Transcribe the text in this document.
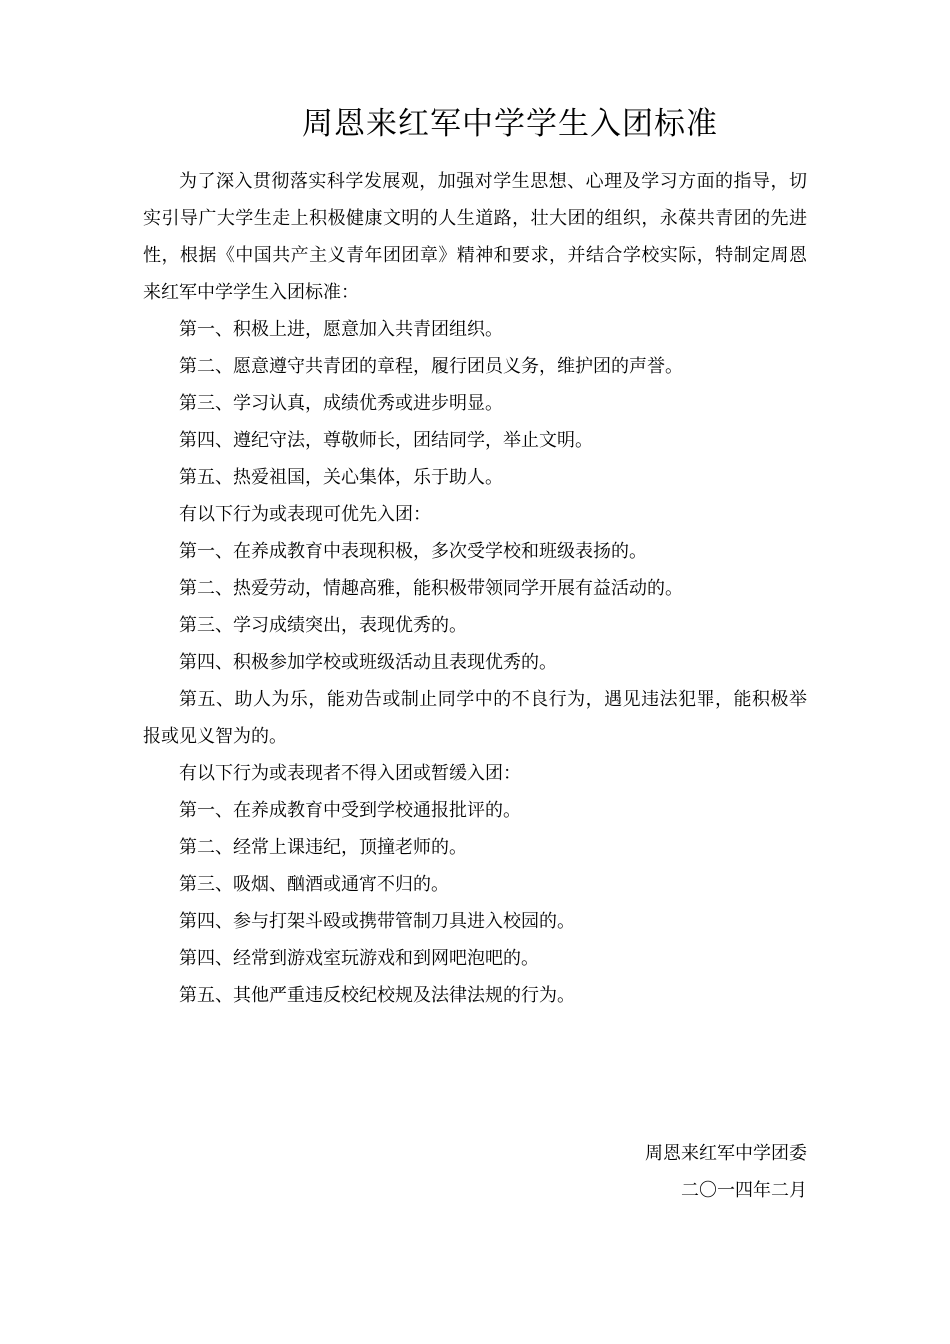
周恩来红军中学学生入团标准

为了深入贯彻落实科学发展观，加强对学生思想、心理及学习方面的指导，切实引导广大学生走上积极健康文明的人生道路，壮大团的组织，永葆共青团的先进性，根据《中国共产主义青年团团章》精神和要求，并结合学校实际，特制定周恩来红军中学学生入团标准：

第一、积极上进，愿意加入共青团组织。

第二、愿意遵守共青团的章程，履行团员义务，维护团的声誉。

第三、学习认真，成绩优秀或进步明显。

第四、遵纪守法，尊敬师长，团结同学，举止文明。

第五、热爱祖国，关心集体，乐于助人。

有以下行为或表现可优先入团：

第一、在养成教育中表现积极，多次受学校和班级表扬的。

第二、热爱劳动，情趣高雅，能积极带领同学开展有益活动的。

第三、学习成绩突出，表现优秀的。

第四、积极参加学校或班级活动且表现优秀的。

第五、助人为乐，能劝告或制止同学中的不良行为，遇见违法犯罪，能积极举报或见义智为的。

有以下行为或表现者不得入团或暂缓入团：

第一、在养成教育中受到学校通报批评的。

第二、经常上课违纪，顶撞老师的。

第三、吸烟、酗酒或通宵不归的。

第四、参与打架斗殴或携带管制刀具进入校园的。

第四、经常到游戏室玩游戏和到网吧泡吧的。

第五、其他严重违反校纪校规及法律法规的行为。

周恩来红军中学团委
二〇一四年二月
